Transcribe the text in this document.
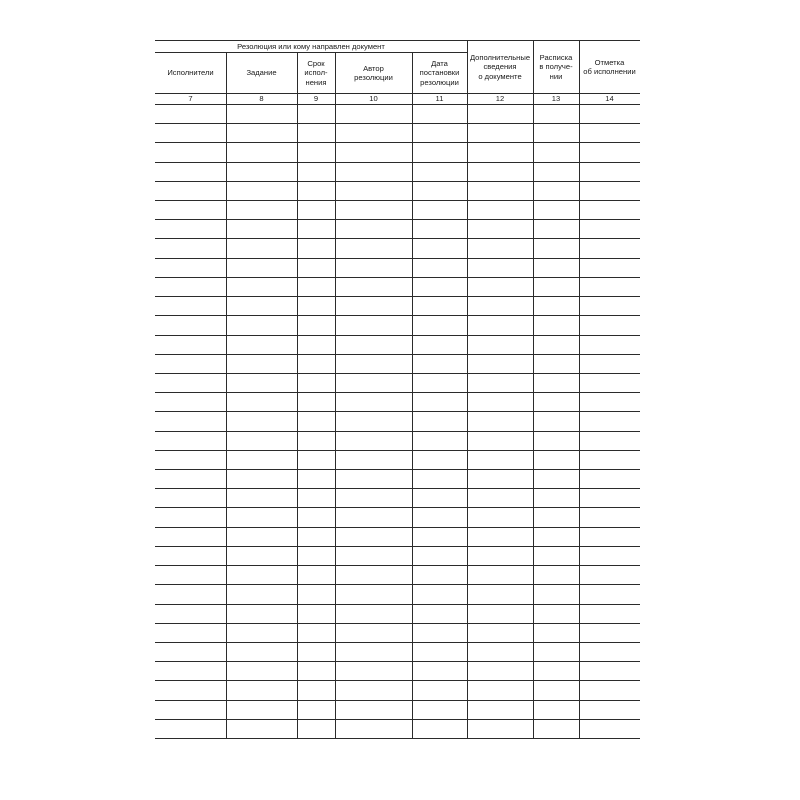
Резолюция или кому направлен документ
Исполнители
7
Задание
8
Срок
испол-
нения
9
Автор
резолюции
10
Дата
постановки
резолюции
11
Дополнительные
сведения
о документе
12
Расписка
в получе-
нии
13
Отметка
об исполнении
14
